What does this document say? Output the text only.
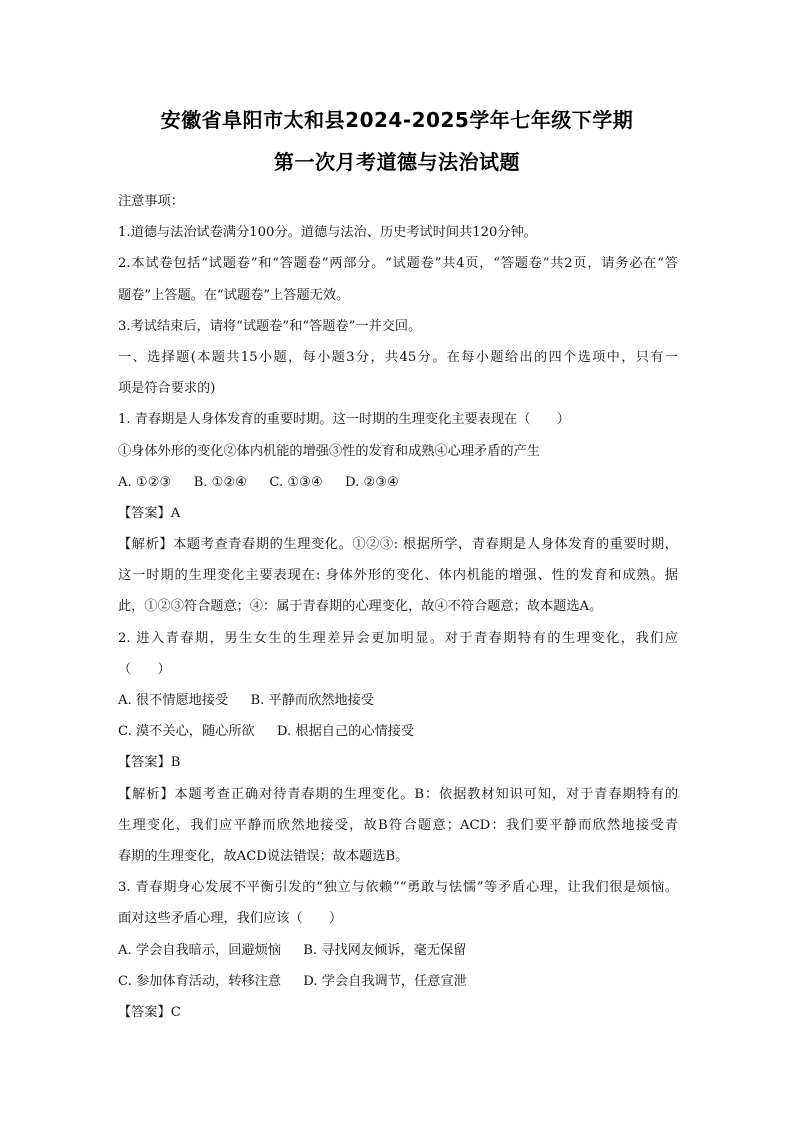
安徽省阜阳市太和县2024-2025学年七年级下学期
第一次月考道德与法治试题
注意事项：
1.道德与法治试卷满分100分。道德与法治、历史考试时间共120分钟。
2.本试卷包括“试题卷”和“答题卷”两部分。“试题卷”共4页，“答题卷”共2页，请务必在“答
题卷”上答题。在“试题卷”上答题无效。
3.考试结束后，请将“试题卷”和“答题卷”一并交回。
一、选择题(本题共15小题，每小题3分，共45分。在每小题给出的四个选项中，只有一
项是符合要求的)
1. 青春期是人身体发育的重要时期。这一时期的生理变化主要表现在（　　）
①身体外形的变化②体内机能的增强③性的发育和成熟④心理矛盾的产生
A. ①②③ B. ①②④ C. ①③④ D. ②③④
【答案】A
【解析】本题考查青春期的生理变化。①②③: 根据所学，青春期是人身体发育的重要时期，
这一时期的生理变化主要表现在: 身体外形的变化、体内机能的增强、性的发育和成熟。据
此，①②③符合题意；④：属于青春期的心理变化，故④不符合题意；故本题选A。
2. 进入青春期，男生女生的生理差异会更加明显。对于青春期特有的生理变化，我们应
（　　）
A. 很不情愿地接受 B. 平静而欣然地接受
C. 漠不关心，随心所欲 D. 根据自己的心情接受
【答案】B
【解析】本题考查正确对待青春期的生理变化。B：依据教材知识可知，对于青春期特有的
生理变化，我们应平静而欣然地接受，故B符合题意；ACD：我们要平静而欣然地接受青
春期的生理变化，故ACD说法错误；故本题选B。
3. 青春期身心发展不平衡引发的“独立与依赖”“勇敢与怯懦”等矛盾心理，让我们很是烦恼。
面对这些矛盾心理，我们应该（　　）
A. 学会自我暗示，回避烦恼 B. 寻找网友倾诉，毫无保留
C. 参加体育活动，转移注意 D. 学会自我调节，任意宣泄
【答案】C
